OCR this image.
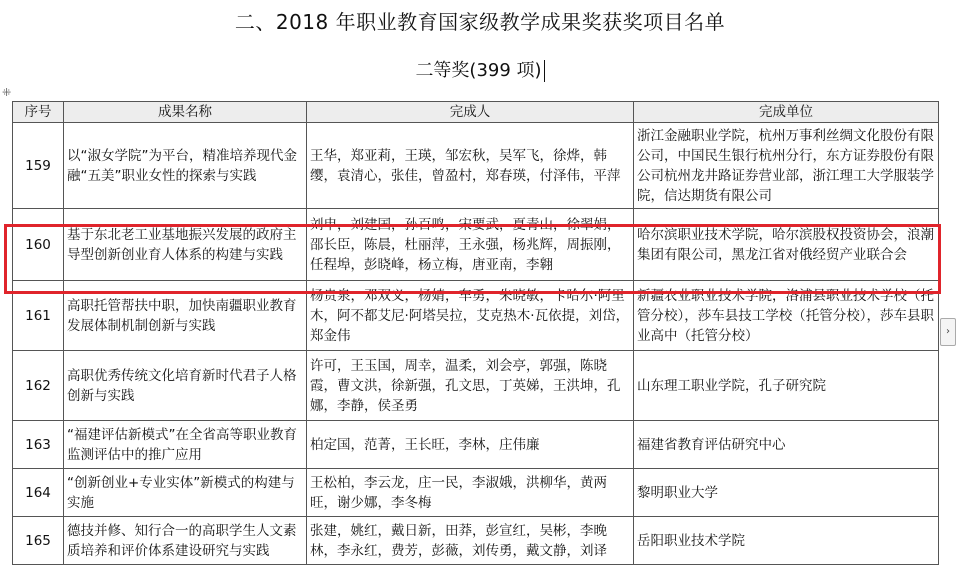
二、2018 年职业教育国家级教学成果奖获奖项目名单
二等奖(399 项)
⁜
›
序号	成果名称	完成人	完成单位
159	以“淑女学院”为平台，精准培养现代金融“五美”职业女性的探索与实践	王华，郑亚莉，王瑛，邹宏秋，吴军飞，徐烨，韩缨，袁清心，张佳，曾盈村，郑春瑛，付泽伟，平萍	浙江金融职业学院，杭州万事利丝绸文化股份有限公司，中国民生银行杭州分行，东方证券股份有限公司杭州龙井路证券营业部，浙江理工大学服装学院，信达期货有限公司
160	基于东北老工业基地振兴发展的政府主导型创新创业育人体系的构建与实践	刘申，刘建国，孙百鸣，宋要武，夏青山，徐翠娟，邵长臣，陈晨，杜丽萍，王永强，杨兆辉，周振刚，任程埠，彭晓峰，杨立梅，唐亚南，李翱	哈尔滨职业技术学院，哈尔滨股权投资协会，浪潮集团有限公司，黑龙江省对俄经贸产业联合会
161	高职托管帮扶中职，加快南疆职业教育发展体制机制创新与实践	杨贵泉，邓双义，杨婧，车勇，朱晓敏，卡哈尔·阿里木，阿不都艾尼·阿塔吴拉，艾克热木·瓦依提，刘岱，郑金伟	新疆农业职业技术学院，洛浦县职业技术学校（托管分校），莎车县技工学校（托管分校），莎车县职业高中（托管分校）
162	高职优秀传统文化培育新时代君子人格创新与实践	许可，王玉国，周幸，温柔，刘会亭，郭强，陈晓霞，曹文洪，徐新强，孔文思，丁英娣，王洪坤，孔娜，李静，侯圣勇	山东理工职业学院，孔子研究院
163	“福建评估新模式”在全省高等职业教育监测评估中的推广应用	柏定国，范菁，王长旺，李林，庄伟廉	福建省教育评估研究中心
164	“创新创业+专业实体”新模式的构建与实施	王松柏，李云龙，庄一民，李淑娥，洪柳华，黄两旺，谢少娜，李冬梅	黎明职业大学
165	德技并修、知行合一的高职学生人文素质培养和评价体系建设研究与实践	张建，姚红，戴日新，田莽，彭宣红，吴彬，李晚林，李永红，费芳，彭薇，刘传勇，戴文静，刘译	岳阳职业技术学院
